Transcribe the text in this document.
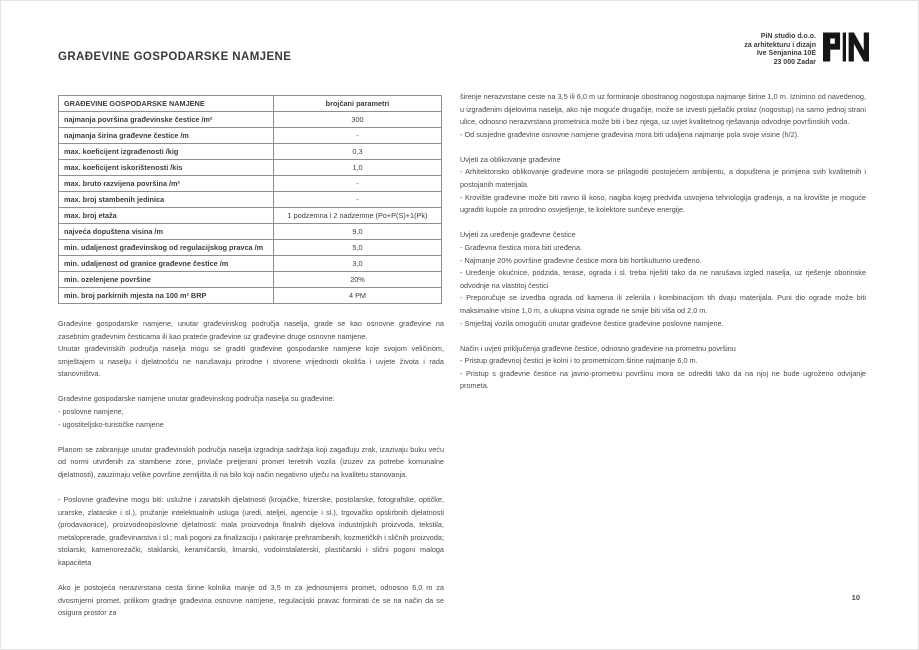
PiN studio d.o.o.
za arhitekturu i dizajn
Ive Senjanina 10E
23 000 Zadar
GRAĐEVINE GOSPODARSKE NAMJENE
GRAĐEVINE GOSPODARSKE NAMJENE	brojčani parametri
najmanja površina građevinske čestice /m²	300
najmanja širina građevne čestice /m	-
max. koeficijent izgrađenosti /kig	0,3
max. koeficijent iskorištenosti /kis	1,0
max. bruto razvijena površina /m²	-
max. broj stambenih jedinica	-
max. broj etaža	1 podzemna i 2 nadzemne (Po+P(S)+1(Pk)
najveća dopuštena visina /m	9,0
min. udaljenost građevinskog od regulacijskog pravca /m	5,0
min. udaljenost od granice građevne čestice /m	3,0
min. ozelenjene površine	20%
min. broj parkirnih mjesta na 100 m² BRP	4 PM

Građevine gospodarske namjene, unutar građevinskog područja naselja, grade se kao osnovne građevine na zasebnim građevnim česticama ili kao prateće građevine uz građevine druge osnovne namjene.

Unutar građevinskih područja naselja mogu se graditi građevine gospodarske namjene koje svojom veličinom, smještajem u naselju i djelatnošću ne narušavaju prirodne i stvorene vrijednosti okoliša i uvjete života i rada stanovništva.

Građevine gospodarske namjene unutar građevinskog područja naselja su građevine:

- poslovne namjene,

- ugostiteljsko-turističke namjene

Planom se zabranjuje unutar građevinskih područja naselja izgradnja sadržaja koji zagađuju zrak, izazivaju buku veću od normi utvrđenih za stambene zone, privlače pretjerani promet teretnih vozila (izuzev za potrebe komunalne djelatnosti), zauzimaju velike površine zemljišta ili na bilo koji način negativno utječu na kvalitetu stanovanja.

- Poslovne građevine mogu biti: uslužne i zanatskih djelatnosti (krojačke, frizerske, postolarske, fotografske, optičke, urarske, zlatarske i sl.), pružanje intelektualnih usluga (uredi, ateljei, agencije i sl.), trgovačko opskrbnih djelatnosti (prodavaonice), proizvodnoposlovne djelatnosti: mala proizvodnja finalnih dijelova industrijskih proizvoda, tekstila, metaloprerade, građevinarstva i sl.; mali pogoni za finalizaciju i pakiranje prehrambenih, kozmetičkih i sličnih proizvoda; stolarski, kamenorezački, staklarski, keramičarski, limarski, vodoinstalaterski, plastičarski i slični pogoni maloga kapaciteta

Ako je postojeća nerazvrstana cesta širine kolnika manje od 3,5 m za jednosmjerni promet, odnosno 6,0 m za dvosmjerni promet, prilikom gradnje građevina osnovne namjene, regulacijski pravac formirati će se na način da se osigura prostor za

širenje nerazvrstane ceste na 3,5 ili 6,0 m uz formiranje obostranog nogostupa najmanje širine 1,0 m. Iznimno od navedenog, u izgrađenim dijelovima naselja, ako nije moguće drugačije, može se izvesti pješački prolaz (nogostup) na samo jednoj strani ulice, odnosno nerazvrstana prometnica može biti i bez njega, uz uvjet kvalitetnog rješavanja odvodnje površinskih voda.

- Od susjedne građevine osnovne namjene građevina mora biti udaljena najmanje pola svoje visine (h/2).

Uvjeti za oblikovanje građevine

- Arhitektonsko oblikovanje građevine mora se prilagoditi postojećem ambijentu, a dopuštena je primjena svih kvalitetnih i postojanih materijala.

- Krovište građevine može biti ravno ili koso, nagiba kojeg predviđa usvojena tehnologija građenja, a na krovište je moguće ugraditi kupole za prirodno osvjetljenje, te kolektore sunčeve energije.

Uvjeti za uređenje građevne čestice

- Građevna čestica mora biti uređena.

- Najmanje 20% površine građevne čestice mora biti hortikulturno uređeno.

- Uređenje okućnice, podzida, terase, ograda i sl. treba riješiti tako da ne narušava izgled naselja, uz rješenje oborinske odvodnje na vlastitoj čestici

- Preporučuje se izvedba ograda od kamena ili zelenila i kombinacijom tih dvaju materijala. Puni dio ograde može biti maksimalne visine 1,0 m, a ukupna visina ograde ne smije biti viša od 2,0 m.

- Smještaj vozila omogućiti unutar građevne čestice građevine poslovne namjene.

Način i uvjeti priključenja građevne čestice, odnosno građevine na prometnu površinu

- Pristup građevnoj čestici je kolni i to prometnicom širine najmanje 6,0 m.

- Pristup s građevne čestice na javno-prometnu površinu mora se odrediti tako da na njoj ne bude ugroženo odvijanje prometa.

10
